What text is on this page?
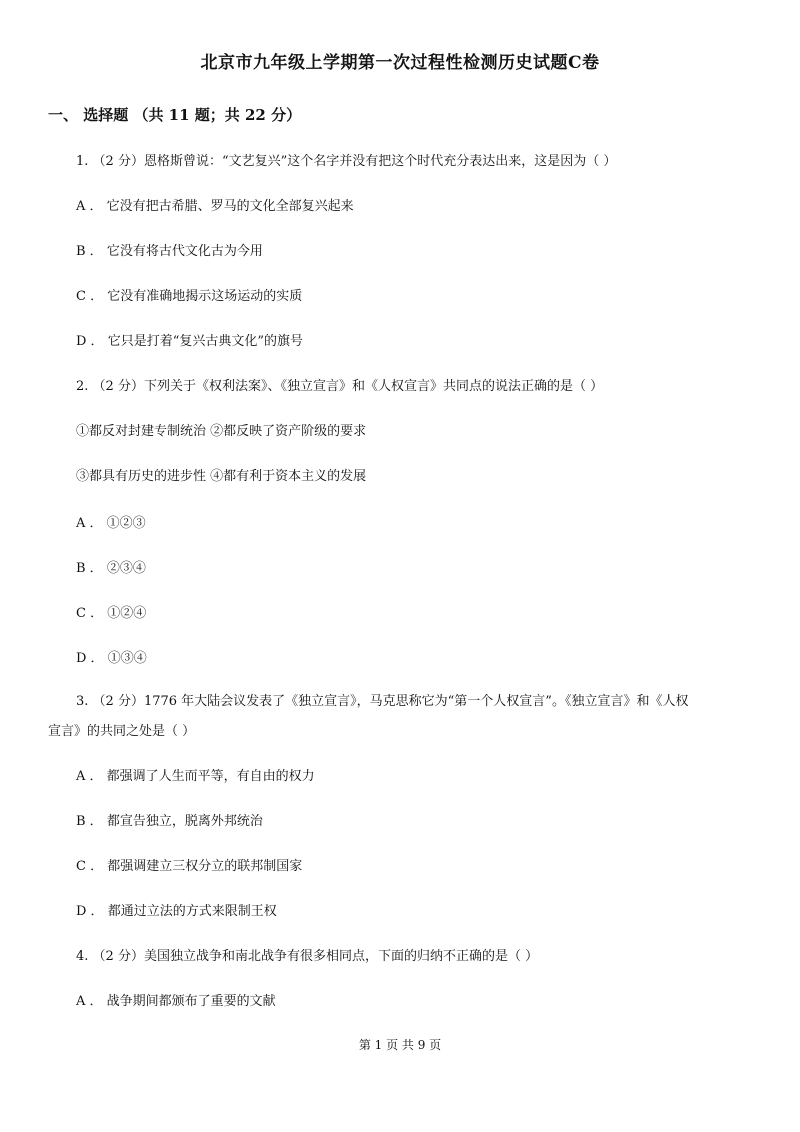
北京市九年级上学期第一次过程性检测历史试题C卷
一、 选择题 （共 11 题；共 22 分）
1. （2 分）恩格斯曾说：“文艺复兴”这个名字并没有把这个时代充分表达出来，这是因为（ ）
A ． 它没有把古希腊、罗马的文化全部复兴起来
B ． 它没有将古代文化古为今用
C ． 它没有准确地揭示这场运动的实质
D ． 它只是打着“复兴古典文化”的旗号
2. （2 分）下列关于《权利法案》、《独立宣言》和《人权宣言》共同点的说法正确的是（ ）
①都反对封建专制统治 ②都反映了资产阶级的要求
③都具有历史的进步性 ④都有利于资本主义的发展
A ． ①②③
B ． ②③④
C ． ①②④
D ． ①③④
3. （2 分）1776 年大陆会议发表了《独立宣言》，马克思称它为“第一个人权宣言”。《独立宣言》和《人权
宣言》的共同之处是（ ）
A ． 都强调了人生而平等，有自由的权力
B ． 都宣告独立，脱离外邦统治
C ． 都强调建立三权分立的联邦制国家
D ． 都通过立法的方式来限制王权
4. （2 分）美国独立战争和南北战争有很多相同点，下面的归纳不正确的是（ ）
A ． 战争期间都颁布了重要的文献
第 1 页 共 9 页
